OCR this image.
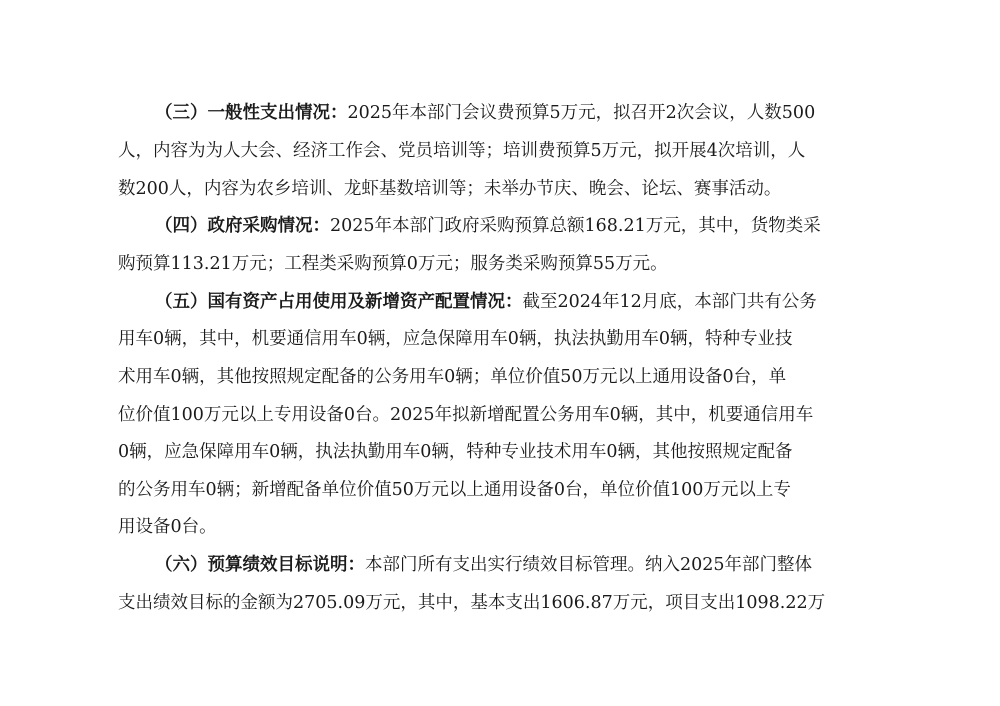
（三）一般性支出情况：2025年本部门会议费预算5万元，拟召开2次会议，人数500

人，内容为为人大会、经济工作会、党员培训等；培训费预算5万元，拟开展4次培训，人

数200人，内容为农乡培训、龙虾基数培训等；未举办节庆、晚会、论坛、赛事活动。

（四）政府采购情况：2025年本部门政府采购预算总额168.21万元，其中，货物类采

购预算113.21万元；工程类采购预算0万元；服务类采购预算55万元。

（五）国有资产占用使用及新增资产配置情况：截至2024年12月底，本部门共有公务

用车0辆，其中，机要通信用车0辆，应急保障用车0辆，执法执勤用车0辆，特种专业技

术用车0辆，其他按照规定配备的公务用车0辆；单位价值50万元以上通用设备0台，单

位价值100万元以上专用设备0台。2025年拟新增配置公务用车0辆，其中，机要通信用车

0辆，应急保障用车0辆，执法执勤用车0辆，特种专业技术用车0辆，其他按照规定配备

的公务用车0辆；新增配备单位价值50万元以上通用设备0台，单位价值100万元以上专

用设备0台。

（六）预算绩效目标说明：本部门所有支出实行绩效目标管理。纳入2025年部门整体

支出绩效目标的金额为2705.09万元，其中，基本支出1606.87万元，项目支出1098.22万
